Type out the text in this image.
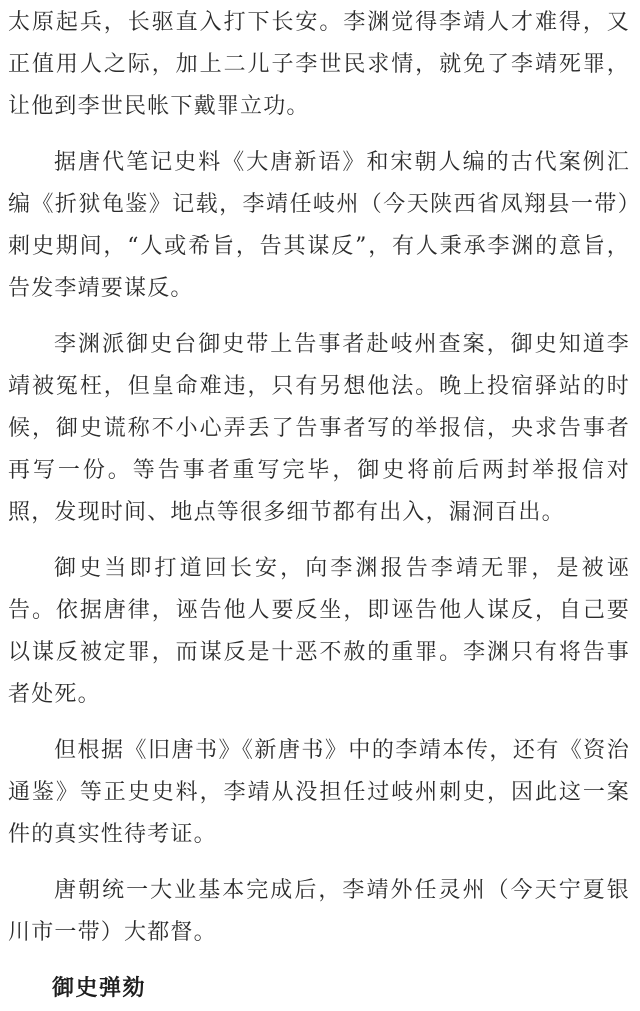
太原起兵，长驱直入打下长安。李渊觉得李靖人才难得，又正值用人之际，加上二儿子李世民求情，就免了李靖死罪，让他到李世民帐下戴罪立功。

据唐代笔记史料《大唐新语》和宋朝人编的古代案例汇编《折狱龟鉴》记载，李靖任岐州（今天陕西省凤翔县一带）刺史期间，“人或希旨，告其谋反”，有人秉承李渊的意旨，告发李靖要谋反。

李渊派御史台御史带上告事者赴岐州查案，御史知道李靖被冤枉，但皇命难违，只有另想他法。晚上投宿驿站的时候，御史谎称不小心弄丢了告事者写的举报信，央求告事者再写一份。等告事者重写完毕，御史将前后两封举报信对照，发现时间、地点等很多细节都有出入，漏洞百出。

御史当即打道回长安，向李渊报告李靖无罪，是被诬告。依据唐律，诬告他人要反坐，即诬告他人谋反，自己要以谋反被定罪，而谋反是十恶不赦的重罪。李渊只有将告事者处死。

但根据《旧唐书》《新唐书》中的李靖本传，还有《资治通鉴》等正史史料，李靖从没担任过岐州刺史，因此这一案件的真实性待考证。

唐朝统一大业基本完成后，李靖外任灵州（今天宁夏银川市一带）大都督。

御史弹劾
